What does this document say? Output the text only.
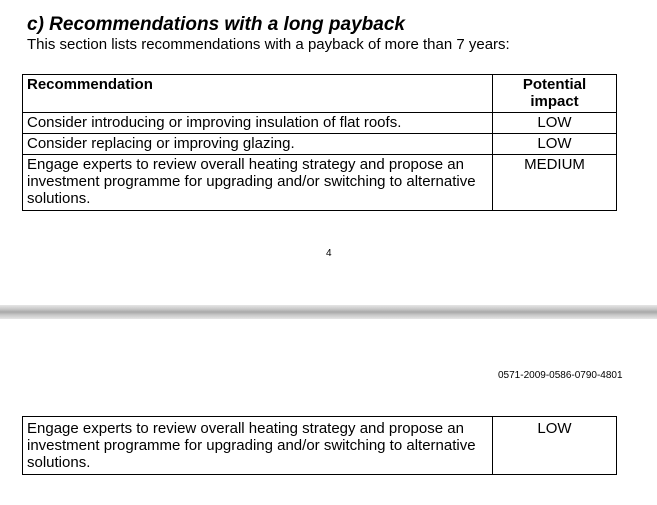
c) Recommendations with a long payback
This section lists recommendations with a payback of more than 7 years:
Recommendation	Potential impact
Consider introducing or improving insulation of flat roofs.	LOW
Consider replacing or improving glazing.	LOW
Engage experts to review overall heating strategy and propose an investment programme for upgrading and/or switching to alternative solutions.	MEDIUM
4
0571-2009-0586-0790-4801
Engage experts to review overall heating strategy and propose an investment programme for upgrading and/or switching to alternative solutions.	LOW
